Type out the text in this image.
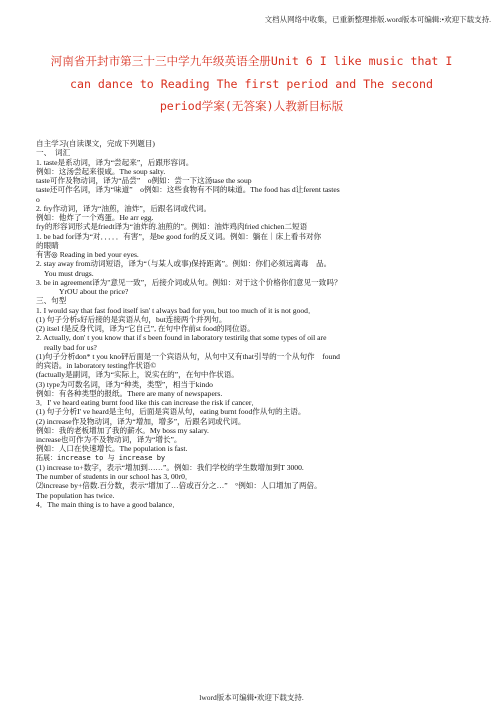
文档从网络中收集，已重新整理排版.word版本可编辑:•欢迎下载支持.
河南省开封市第三十三中学九年级英语全册Unit 6 I like music that I can dance to Reading The first period and The second period学案(无答案)人教新目标版

自主学习(自读课文，完成下列题目)

一、　词汇

1. taste是系动词，译为“尝起来”，后跟形容词。

例如：这汤尝起来很咸。The soup salty.

taste可作及物动词，译为“品尝”　o例如：尝一下这汤tase the soup

taste还可作名词，译为“味道”　o例如：这些食物有不同的味道。The food has d让ferent tastes

o

2. fry作动词，译为“油煎，油炸”，后跟名词或代词。

例如：他炸了一个鸡蛋。He arr egg.

fry的形容词形式是friedt译为“油炸的.油煎的”。例如：油炸鸡肉fried chichen二短语

1. be bad for译为“对．．．．．有害”，是be good for的反义词。例如：躺在｜床上看书对你

的眼睛

有害◎ Reading in bed your eyes.

2. stay away from动词短语，译为“（与某人或事)保持距离”。例如：你们必须远离毒　品。

You must drugs.

3. be in agreement译为"意见一致”，后接介词或从句。例如：对于这个价格你们意见一致吗？

YrOU about the price?

三、句型

1. I would say that fast food itself isn' t always bad for you, but too much of it is not good．

(1) 句子分析s好后接的是宾语从句，but连接两个并列句。

(2) itsel f是反身代词，译为“它自己”, 在句中作前st food的同位语。

2. Actually, don' t you know that if s been found in laboratory testirilg that some types of oil are

really bad for us?

(1)句子分析don* t you kno砰后面是一个宾语从句，从句中又有that引导的一个从句作　found

的宾语。in laboratory testing作状语©

(factually是副词，译为“实际上，说实在的”，在句中作状语。

(3) type为可数名词，译为“种类，类型”，相当于kindo

例如：有各种类型的报纸。There are many of newspapers.

3．I' ve heard eating burnt food like this can increase the risk if cancer．

(1) 句子分析I' ve heard是主句，后面是宾语从句，eating burnt food作从句的主语。

(2) increase作及物动词，译为“增加，增多”，后跟名词或代词。

例如：我的老板增加了我的薪水。My boss my salary.

increase也可作为不及物动词，译为“增长”。

例如：人口在快速增长。The population is fast.

拓展：increase to 与 increase by

(1) increase to+数字，表示“增加到……”。例如：我们学校的学生数增加到T 3000.

The number of students in our school has 3, 00r0．

⑵increase by+倍数.百分数，表示“增加了…倍或百分之…”　°例如：人口增加了两倍。

The population has twice.

4．The main thing is to have a good balance．

lword版本可编辑•欢迎下载支持.
